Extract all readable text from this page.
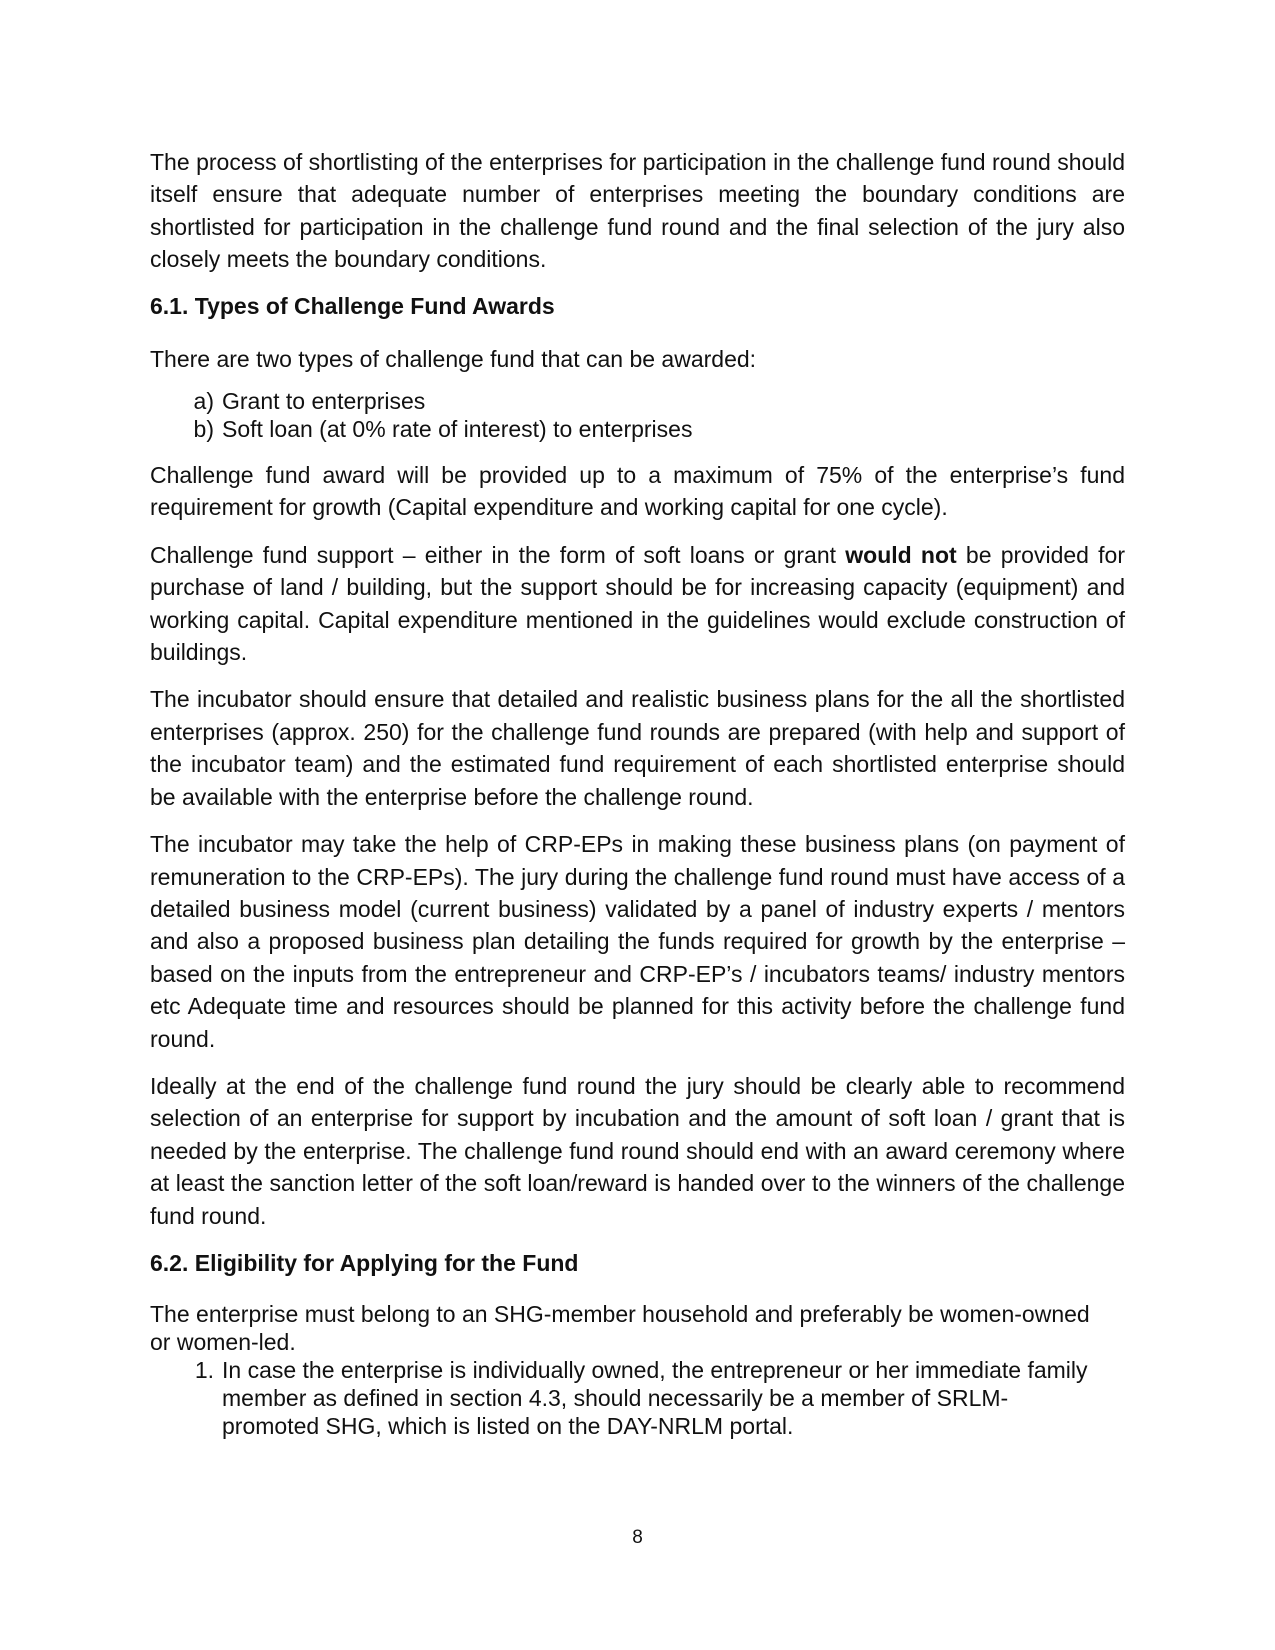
The process of shortlisting of the enterprises for participation in the challenge fund round should itself ensure that adequate number of enterprises meeting the boundary conditions are shortlisted for participation in the challenge fund round and the final selection of the jury also closely meets the boundary conditions.

6.1. Types of Challenge Fund Awards

There are two types of challenge fund that can be awarded:

a) Grant to enterprises
b) Soft loan (at 0% rate of interest) to enterprises

Challenge fund award will be provided up to a maximum of 75% of the enterprise’s fund requirement for growth (Capital expenditure and working capital for one cycle).

Challenge fund support – either in the form of soft loans or grant would not be provided for purchase of land / building, but the support should be for increasing capacity (equipment) and working capital. Capital expenditure mentioned in the guidelines would exclude construction of buildings.

The incubator should ensure that detailed and realistic business plans for the all the shortlisted enterprises (approx. 250) for the challenge fund rounds are prepared (with help and support of the incubator team) and the estimated fund requirement of each shortlisted enterprise should be available with the enterprise before the challenge round.

The incubator may take the help of CRP-EPs in making these business plans (on payment of remuneration to the CRP-EPs). The jury during the challenge fund round must have access of a detailed business model (current business) validated by a panel of industry experts / mentors and also a proposed business plan detailing the funds required for growth by the enterprise – based on the inputs from the entrepreneur and CRP-EP’s / incubators teams/ industry mentors etc Adequate time and resources should be planned for this activity before the challenge fund round.

Ideally at the end of the challenge fund round the jury should be clearly able to recommend selection of an enterprise for support by incubation and the amount of soft loan / grant that is needed by the enterprise. The challenge fund round should end with an award ceremony where at least the sanction letter of the soft loan/reward is handed over to the winners of the challenge fund round.

6.2. Eligibility for Applying for the Fund

The enterprise must belong to an SHG-member household and preferably be women-owned or women-led.

1. In case the enterprise is individually owned, the entrepreneur or her immediate family member as defined in section 4.3, should necessarily be a member of SRLM-promoted SHG, which is listed on the DAY-NRLM portal.
8
